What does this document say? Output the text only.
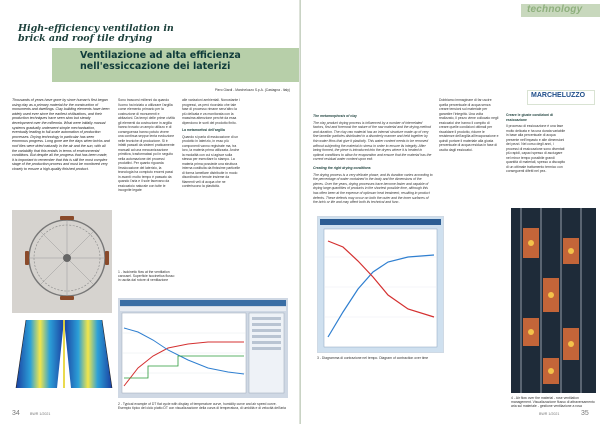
High-efficiency ventilation in brick and roof tile drying
Ventilazione ad alta efficienza nell'essiccazione dei laterizi
Piero Giardi - Marcheluzzo S.p.A. (Castagna - Italy)
Thousands of years have gone by since human's first began using clay as a primary material for the construction of monuments and dwellings. Clay building elements have been widely used ever since the earliest civilisations, and their production techniques have seen slow but steady development over the millennia. What were initially manual systems gradually underwent simple mechanisation, eventually leading to full-scale automation of production processes. Drying technology in particular has seen enormous progress. Long gone are the days when bricks and roof tiles were dried naturally in the air and the sun, with all the variability that this entails in terms of environmental conditions. But despite all the progress that has been made, it is important to remember that this is still the most complex stage of the production process and must be monitored very closely to ensure a high-quality finished product.
Sono trascorsi millenni da quando l'uomo ha iniziato a utilizzare l'argilla come elemento primario per la costruzione di monumenti e abitazioni. Da tempi delle prime civiltà gli elementi da costruzione in argilla hanno trovato un ampio utilizzo e di conseguenza hanno potuto vivere una continua seppur lenta evoluzione nelle tecniche di produzione. Si è infatti passati da sistemi praticamente manuali ad una meccanizzazione primitiva, trasformatasi poi in seguito nella automazione dei processi produttivi. Per quanto riguarda l'essiccazione del laterizio, la tecnologia ha compiuto enormi passi in avanti: molto tempo è passato da quando l'aria e il sole facevano da essiccatoio naturale con tutte le incognite legate
alle variazioni ambientali. Nonostante i progressi, va però ricordato che tale fase di processo rimane senz'altro la più delicata e va monitorata con la massima attenzione perché da essa dipendono le sorti del prodotto finito.
La metamorfosi dell'argilla
Quando si parla di essiccazione di un prodotto in laterizio, in esso più componenti vanno registrate ma, tra loro, la materia prima utilizzata. Anche la modalità con cui si agisce sulla stessa per esercitare lo stampo. La materia prima possiede una struttura interna costituita da finissime particelle di forma lamellare distribuite in modo disordinato e tenute insieme da filamenti veli di acqua che ne conferiscono la plasticità.
1 - Isokinetic flow at the ventilation carousel. Superficie isocinetica flusso in uscita dal rotore di ventilazione
2 - Typical example of DT flat cycle with display of temperature curve, humidity curve and air speed curve. Esempio tipico del ciclo piatto DT con visualizzazione della curva di temperatura, di umidità e di velocità dell'aria
34	BWR 1/2021
technology
MARCHELUZZO
The metamorphosis of clay
The clay product drying process is influenced by a number of interrelated factors, first and foremost the nature of the raw material and the drying method and duration. The clay raw material has an internal structure made up of very fine lamellar particles distributed in a disorderly manner and held together by thin water films that give it plasticity. This water content needs to be removed without subjecting the material to stress in order to ensure its integrity. After being formed, the piece is introduced into the dryers where it is heated in optimal conditions to allow for evaporation and ensure that the material has the correct residual water content upon exit.
Creating the right drying conditions
The drying process is a very delicate phase, and its duration varies according to the percentage of water contained in the body and the dimensions of the pieces. Over the years, drying processes have become faster and capable of drying large quantities of products in the shortest possible time, although this has often been at the expense of optimum heat treatment, resulting in product defects. These defects may occur on both the outer and the inner surfaces of the brick or tile and may affect both its technical and func-
Dobbiamo immaginare di far uscire quella percentuale di acqua senza creare tensioni sul materiale per garantire l'integrità. Una volta realizzato, il pezzo viene collocato negli essiccatoi che hanno il compito di creare quelle condizioni ottimali per riscaldare il prodotto, ridurre le resistenze dell'argilla all'evaporazione e quindi portare il materiale alla giusta percentuale di acqua residua in fase di uscita dagli essiccatoi.
Creare le giuste condizioni di essiccazione
Il processo di essiccazione è una fase molto delicata e ha una durata variabile in base alla percentuale di acqua presente nell'impasto e alle dimensioni dei pezzi. Nel corso degli anni, i processi di essiccazione sono diventati più rapidi, capaci spesso di asciugare nel minor tempo possibile grandi quantità di materiali, spesso a discapito di un ottimale trattamento termico con conseguenti difetti nel pez-
3 - Diagramma di contrazione nel tempo. Diagram of contraction over time
4 - Air flow over the material - rose ventilation management. Visualizzazione flusso di attraversamento aria sul materiale - gestione ventilazione a rosa
BWR 1/2021	35
